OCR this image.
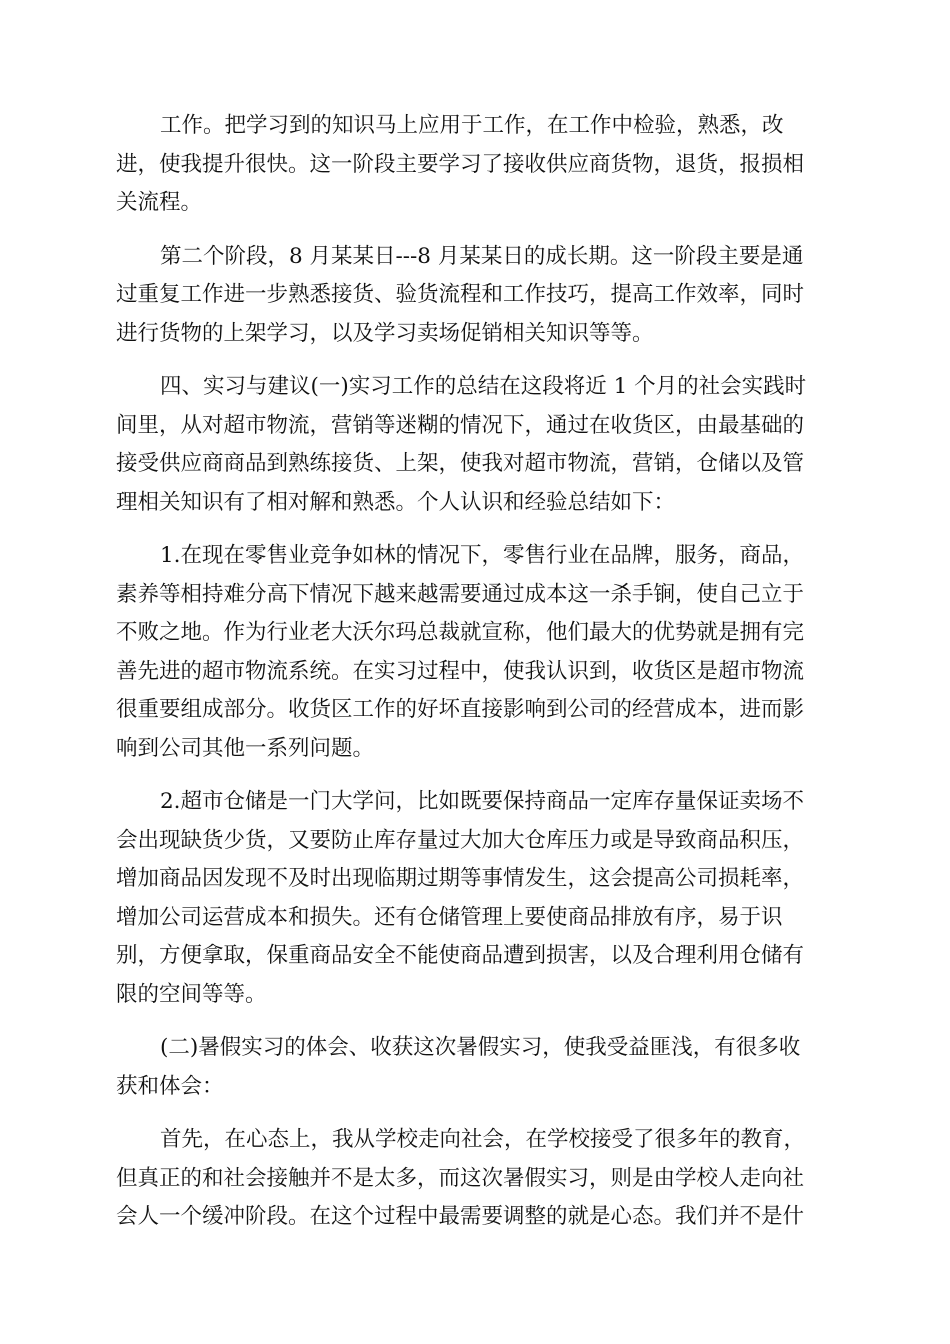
工作。把学习到的知识马上应用于工作，在工作中检验，熟悉，改
进，使我提升很快。这一阶段主要学习了接收供应商货物，退货，报损相
关流程。
第二个阶段，8 月某某日---8 月某某日的成长期。这一阶段主要是通
过重复工作进一步熟悉接货、验货流程和工作技巧，提高工作效率，同时
进行货物的上架学习，以及学习卖场促销相关知识等等。
四、实习与建议(一)实习工作的总结在这段将近 1 个月的社会实践时
间里，从对超市物流，营销等迷糊的情况下，通过在收货区，由最基础的
接受供应商商品到熟练接货、上架，使我对超市物流，营销，仓储以及管
理相关知识有了相对解和熟悉。个人认识和经验总结如下：
1.在现在零售业竞争如林的情况下，零售行业在品牌，服务，商品，
素养等相持难分高下情况下越来越需要通过成本这一杀手锏，使自己立于
不败之地。作为行业老大沃尔玛总裁就宣称，他们最大的优势就是拥有完
善先进的超市物流系统。在实习过程中，使我认识到，收货区是超市物流
很重要组成部分。收货区工作的好坏直接影响到公司的经营成本，进而影
响到公司其他一系列问题。
2.超市仓储是一门大学问，比如既要保持商品一定库存量保证卖场不
会出现缺货少货，又要防止库存量过大加大仓库压力或是导致商品积压，
增加商品因发现不及时出现临期过期等事情发生，这会提高公司损耗率，
增加公司运营成本和损失。还有仓储管理上要使商品排放有序，易于识
别，方便拿取，保重商品安全不能使商品遭到损害，以及合理利用仓储有
限的空间等等。
(二)暑假实习的体会、收获这次暑假实习，使我受益匪浅，有很多收
获和体会：
首先，在心态上，我从学校走向社会，在学校接受了很多年的教育，
但真正的和社会接触并不是太多，而这次暑假实习，则是由学校人走向社
会人一个缓冲阶段。在这个过程中最需要调整的就是心态。我们并不是什
